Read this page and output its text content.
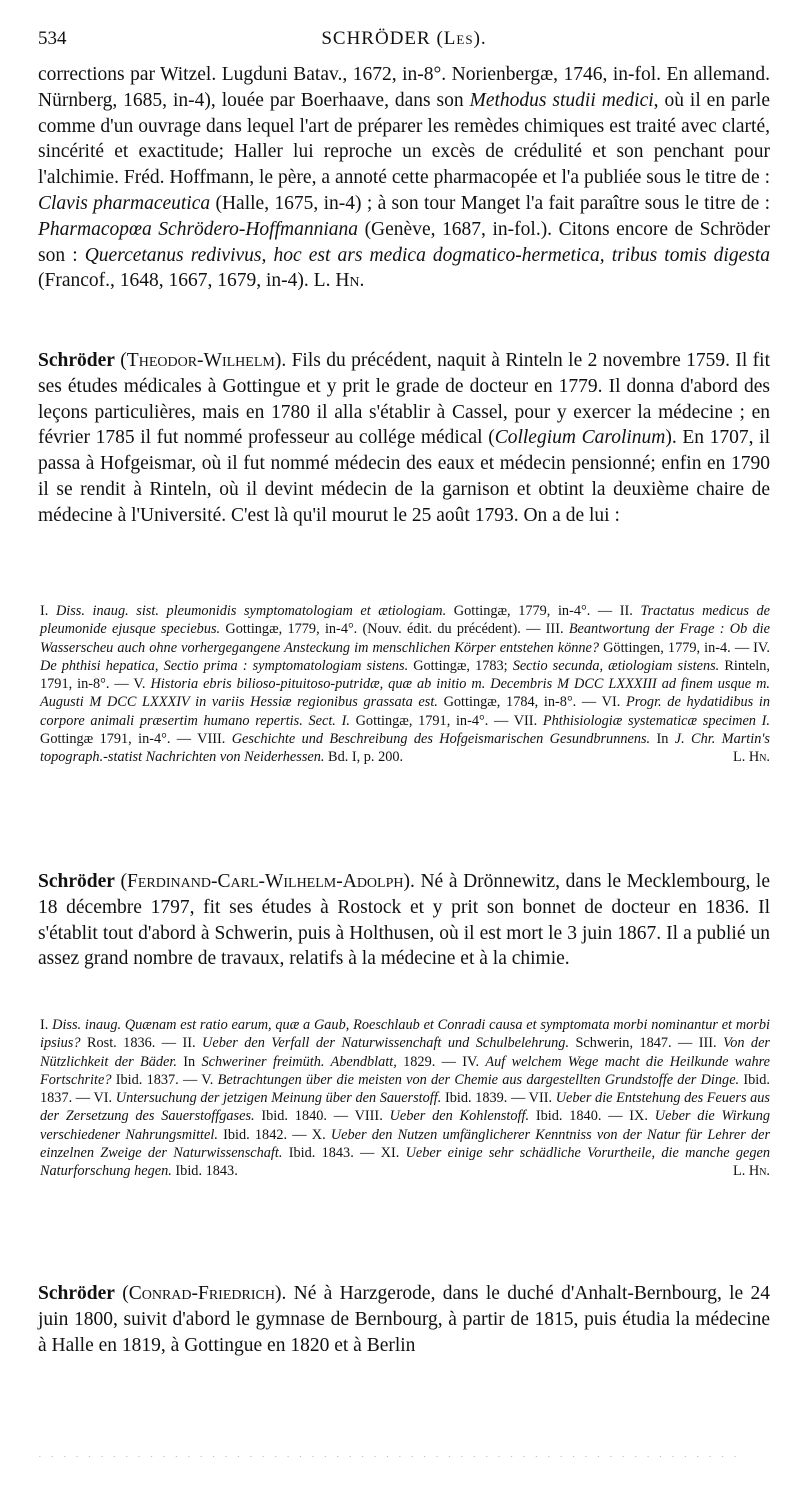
534	SCHRÖDER (Les).

corrections par Witzel. Lugduni Batav., 1672, in-8°. Norienbergæ, 1746, in-fol. En allemand. Nürnberg, 1685, in-4), louée par Boerhaave, dans son Methodus studii medici, où il en parle comme d'un ouvrage dans lequel l'art de préparer les remèdes chimiques est traité avec clarté, sincérité et exactitude; Haller lui reproche un excès de crédulité et son penchant pour l'alchimie. Fréd. Hoffmann, le père, a annoté cette pharmacopée et l'a publiée sous le titre de : Clavis pharmaceutica (Halle, 1675, in-4) ; à son tour Manget l'a fait paraître sous le titre de : Pharmacopœa Schrödero-Hoffmanniana (Genève, 1687, in-fol.). Citons encore de Schröder son : Quercetanus redivivus, hoc est ars medica dogmatico-hermetica, tribus tomis digesta (Francof., 1648, 1667, 1679, in-4). L. Hn.

Schröder (Theodor-Wilhelm). Fils du précédent, naquit à Rinteln le 2 novembre 1759. Il fit ses études médicales à Gottingue et y prit le grade de docteur en 1779. Il donna d'abord des leçons particulières, mais en 1780 il alla s'établir à Cassel, pour y exercer la médecine ; en février 1785 il fut nommé professeur au collége médical (Collegium Carolinum). En 1707, il passa à Hofgeismar, où il fut nommé médecin des eaux et médecin pensionné; enfin en 1790 il se rendit à Rinteln, où il devint médecin de la garnison et obtint la deuxième chaire de médecine à l'Université. C'est là qu'il mourut le 25 août 1793. On a de lui :

I. Diss. inaug. sist. pleumonidis symptomatologiam et ætiologiam. Gottingæ, 1779, in-4°. — II. Tractatus medicus de pleumonide ejusque speciebus. Gottingæ, 1779, in-4°. (Nouv. édit. du précédent). — III. Beantwortung der Frage : Ob die Wasserscheu auch ohne vorhergegangene Ansteckung im menschlichen Körper entstehen könne? Göttingen, 1779, in-4. — IV. De phthisi hepatica, Sectio prima : symptomatologiam sistens. Gottingæ, 1783; Sectio secunda, ætiologiam sistens. Rinteln, 1791, in-8°. — V. Historia ebris bilioso-pituitoso-putridæ, quæ ab initio m. Decembris M DCC LXXXIII ad finem usque m. Augusti M DCC LXXXIV in variis Hessiæ regionibus grassata est. Gottingæ, 1784, in-8°. — VI. Progr. de hydatidibus in corpore animali præsertim humano repertis. Sect. I. Gottingæ, 1791, in-4°. — VII. Phthisiologiæ systematicæ specimen I. Gottingæ 1791, in-4°. — VIII. Geschichte und Beschreibung des Hofgeismarischen Gesundbrunnens. In J. Chr. Martin's topograph.-statist Nachrichten von Neiderhessen. Bd. I, p. 200.	L. Hn.

Schröder (Ferdinand-Carl-Wilhelm-Adolph). Né à Drönnewitz, dans le Mecklembourg, le 18 décembre 1797, fit ses études à Rostock et y prit son bonnet de docteur en 1836. Il s'établit tout d'abord à Schwerin, puis à Holthusen, où il est mort le 3 juin 1867. Il a publié un assez grand nombre de travaux, relatifs à la médecine et à la chimie.

I. Diss. inaug. Quænam est ratio earum, quæ a Gaub, Roeschlaub et Conradi causa et symptomata morbi nominantur et morbi ipsius? Rost. 1836. — II. Ueber den Verfall der Naturwissenchaft und Schulbelehrung. Schwerin, 1847. — III. Von der Nützlichkeit der Bäder. In Schweriner freimüth. Abendblatt, 1829. — IV. Auf welchem Wege macht die Heilkunde wahre Fortschrite? Ibid. 1837. — V. Betrachtungen über die meisten von der Chemie aus dargestellten Grundstoffe der Dinge. Ibid. 1837. — VI. Untersuchung der jetzigen Meinung über den Sauerstoff. Ibid. 1839. — VII. Ueber die Entstehung des Feuers aus der Zersetzung des Sauerstoffgases. Ibid. 1840. — VIII. Ueber den Kohlenstoff. Ibid. 1840. — IX. Ueber die Wirkung verschiedener Nahrungsmittel. Ibid. 1842. — X. Ueber den Nutzen umfänglicherer Kenntniss von der Natur für Lehrer der einzelnen Zweige der Naturwissenschaft. Ibid. 1843. — XI. Ueber einige sehr schädliche Vorurtheile, die manche gegen Naturforschung hegen. Ibid. 1843.	L. Hn.

Schröder (Conrad-Friedrich). Né à Harzgerode, dans le duché d'Anhalt-Bernbourg, le 24 juin 1800, suivit d'abord le gymnase de Bernbourg, à partir de 1815, puis étudia la médecine à Halle en 1819, à Gottingue en 1820 et à Berlin

· · · · · · · · · · · · · · · · · · · · · · · · · · · · · · · · · · · · · · · · · · · · · · · · · · · · · · · · ·
